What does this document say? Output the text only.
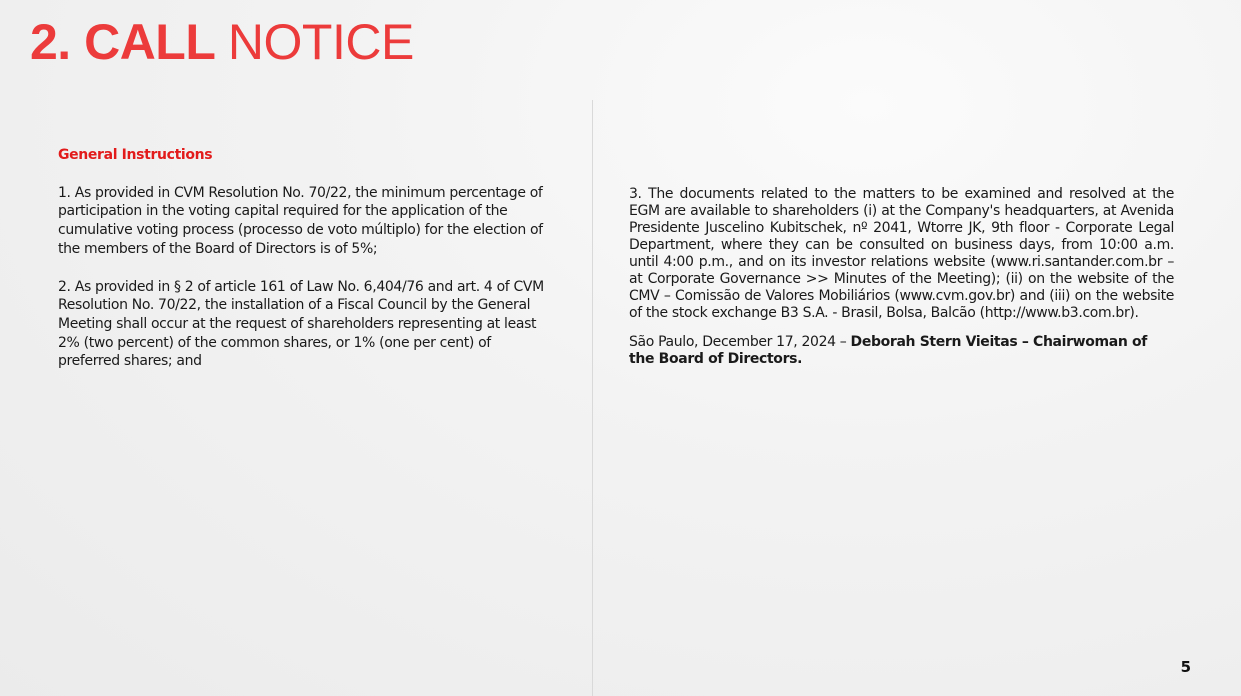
2. CALL NOTICE
General Instructions

1. As provided in CVM Resolution No. 70/22, the minimum percentage of participation in the voting capital required for the application of the cumulative voting process (processo de voto múltiplo) for the election of the members of the Board of Directors is of 5%;

2. As provided in § 2 of article 161 of Law No. 6,404/76 and art. 4 of CVM Resolution No. 70/22, the installation of a Fiscal Council by the General Meeting shall occur at the request of shareholders representing at least 2% (two percent) of the common shares, or 1% (one per cent) of preferred shares; and

3. The documents related to the matters to be examined and resolved at the EGM are available to shareholders (i) at the Company's headquarters, at Avenida Presidente Juscelino Kubitschek, nº 2041, Wtorre JK, 9th floor - Corporate Legal Department, where they can be consulted on business days, from 10:00 a.m. until 4:00 p.m., and on its investor relations website (www.ri.santander.com.br – at Corporate Governance >> Minutes of the Meeting); (ii) on the website of the CMV – Comissão de Valores Mobiliários (www.cvm.gov.br) and (iii) on the website of the stock exchange B3 S.A. - Brasil, Bolsa, Balcão (http://www.b3.com.br).

São Paulo, December 17, 2024 – Deborah Stern Vieitas – Chairwoman of the Board of Directors.

5
